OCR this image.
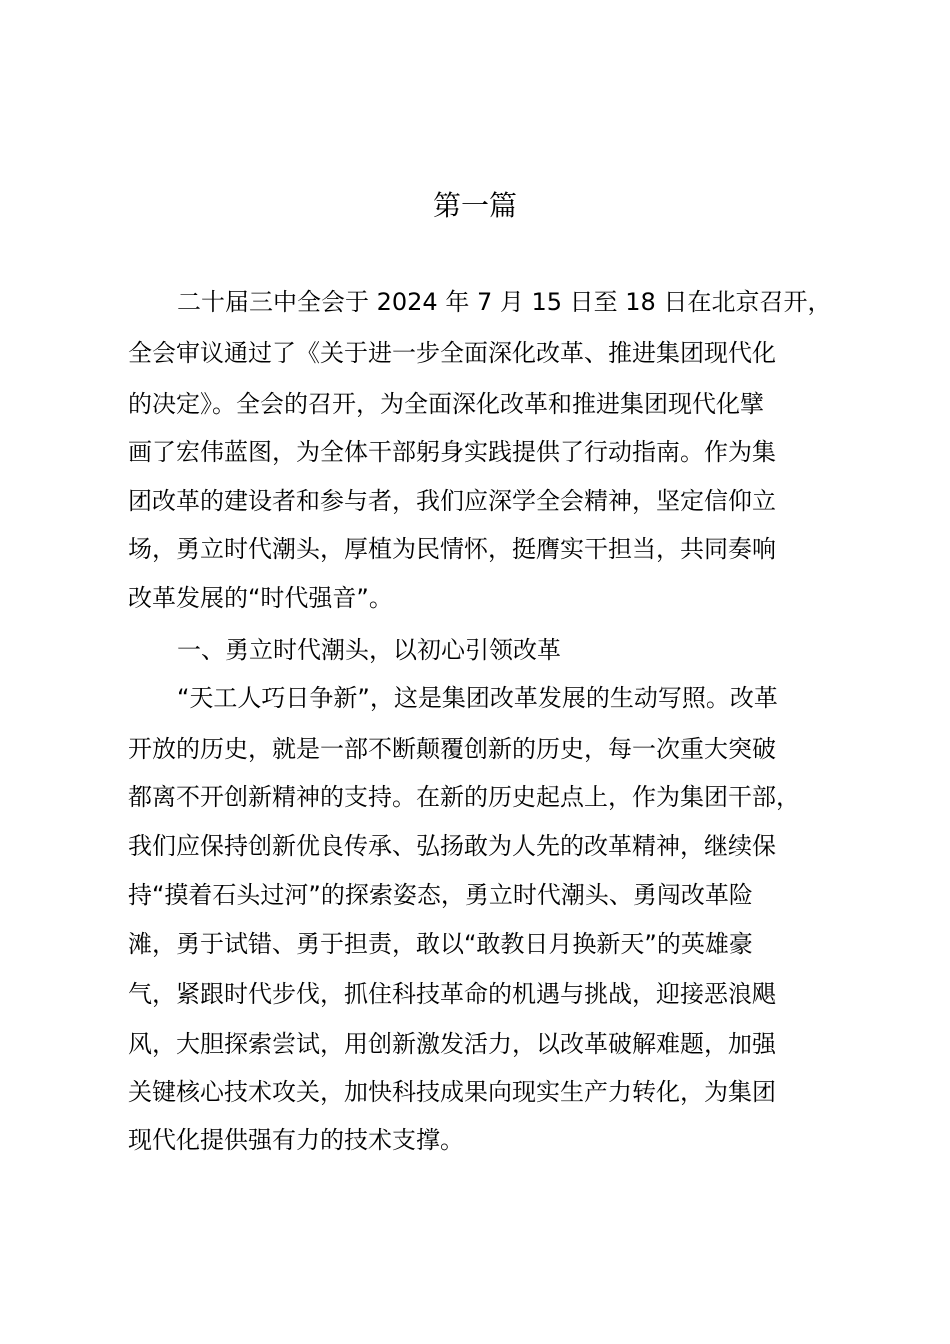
第一篇

二十届三中全会于 2024 年 7 月 15 日至 18 日在北京召开，

全会审议通过了《关于进一步全面深化改革、推进集团现代化

的决定》。全会的召开，为全面深化改革和推进集团现代化擘

画了宏伟蓝图，为全体干部躬身实践提供了行动指南。作为集

团改革的建设者和参与者，我们应深学全会精神，坚定信仰立

场，勇立时代潮头，厚植为民情怀，挺膺实干担当，共同奏响

改革发展的“时代强音”。

一、勇立时代潮头，以初心引领改革

“天工人巧日争新”，这是集团改革发展的生动写照。改革

开放的历史，就是一部不断颠覆创新的历史，每一次重大突破

都离不开创新精神的支持。在新的历史起点上，作为集团干部，

我们应保持创新优良传承、弘扬敢为人先的改革精神，继续保

持“摸着石头过河”的探索姿态，勇立时代潮头、勇闯改革险

滩，勇于试错、勇于担责，敢以“敢教日月换新天”的英雄豪

气，紧跟时代步伐，抓住科技革命的机遇与挑战，迎接恶浪飓

风，大胆探索尝试，用创新激发活力，以改革破解难题，加强

关键核心技术攻关，加快科技成果向现实生产力转化，为集团

现代化提供强有力的技术支撑。
